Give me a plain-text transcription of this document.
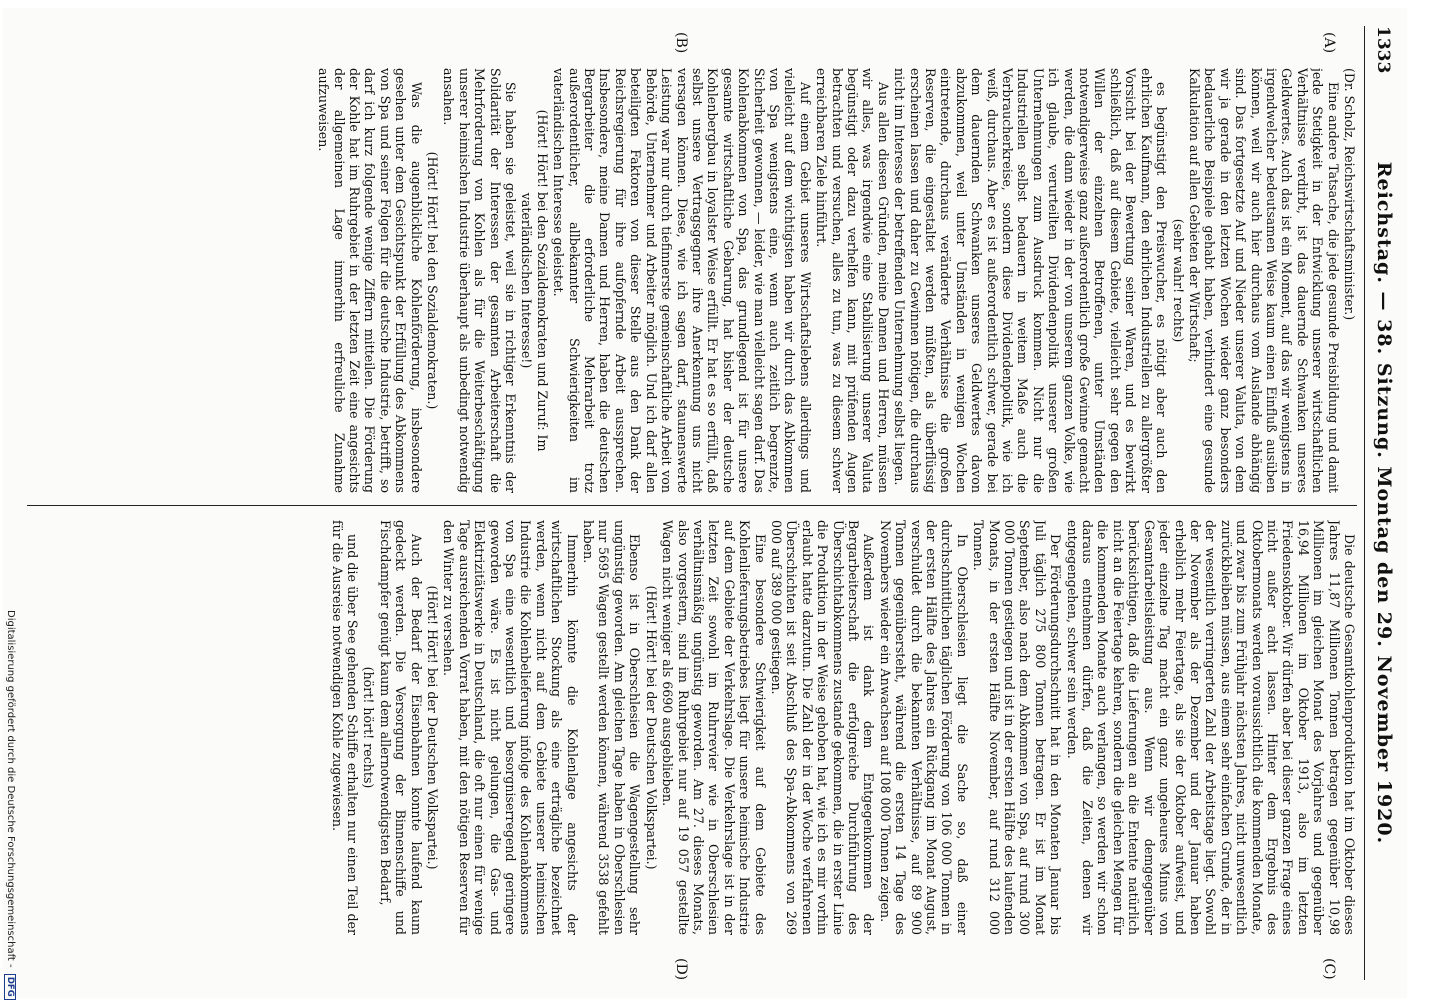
1333
Reichstag. — 38. Sitzung. Montag den 29. November 1920.
(A)
(B)
(C)
(D)

(Dr. Scholz, Reichswirtschaftsminister.)

Eine andere Tatsache, die jede gesunde Preisbildung und damit jede Stetigkeit in der Entwicklung unserer wirtschaftlichen Verhältnisse verdirbt, ist das dauernde Schwanken unseres Geldwertes. Auch das ist ein Moment, auf das wir wenigstens in irgendwelcher bedeutsamen Weise kaum einen Einfluß ausüben können, weil wir auch hier durchaus vom Auslande abhängig sind. Das fortgesetzte Auf und Nieder unserer Valuta, von dem wir ja gerade in den letzten Wochen wieder ganz besonders bedauerliche Beispiele gehabt haben, verhindert eine gesunde Kalkulation auf allen Gebieten der Wirtschaft;

(sehr wahr! rechts)

es begünstigt den Preiswucher, es nötigt aber auch den ehrlichen Kaufmann, den ehrlichen Industriellen zu allergrößter Vorsicht bei der Bewertung seiner Waren, und es bewirkt schließlich, daß auf diesem Gebiete, vielleicht sehr gegen den Willen der einzelnen Betroffenen, unter Umständen notwendigerweise ganz außerordentlich große Gewinne gemacht werden, die dann wieder in der von unserem ganzen Volke, wie ich glaube, verurteilten Dividendenpolitik unserer großen Unternehmungen zum Ausdruck kommen. Nicht nur die Industriellen selbst bedauern in weitem Maße auch die Verbraucherkreise, sondern diese Dividendenpolitik, wie ich weiß, durchaus. Aber es ist außerordentlich schwer, gerade bei dem dauernden Schwanken unseres Geldwertes davon abzukommen, weil unter Umständen in wenigen Wochen eintretende, durchaus veränderte Verhältnisse die großen Reserven, die eingestaltet werden müßten, als überflüssig erscheinen lassen und daher zu Gewinnen nötigen, die durchaus nicht im Interesse der betreffenden Unternehmung selbst liegen.

Aus allen diesen Gründen, meine Damen und Herren, müssen wir alles, was irgendwie eine Stabilisierung unserer Valuta begünstigt oder dazu verhelfen kann, mit prüfenden Augen betrachten und versuchen, alles zu tun, was zu diesem schwer erreichbaren Ziele hinführt.

Auf einem Gebiet unseres Wirtschaftslebens allerdings und vielleicht auf dem wichtigsten haben wir durch das Abkommen von Spa wenigstens eine, wenn auch zeitlich begrenzte, Sicherheit gewonnen, — leider, wie man vielleicht sagen darf. Das Kohlenabkommen von Spa, das grundlegend ist für unsere gesamte wirtschaftliche Gebarung, hat bisher der deutsche Kohlenbergbau in loyalster Weise erfüllt. Er hat es so erfüllt, daß selbst unsere Vertragsgegner ihre Anerkennung uns nicht versagen können. Diese, wie ich sagen darf, staunenswerte Leistung war nur durch tiefinnerste gemeinschaftliche Arbeit von Behörde, Unternehmer und Arbeiter möglich. Und ich darf allen beteiligten Faktoren von dieser Stelle aus den Dank der Reichsregierung für ihre aufopfernde Arbeit aussprechen. Insbesondere, meine Damen und Herren, haben die deutschen Bergarbeiter die erforderliche Mehrarbeit trotz außerordentlicher, allbekannter Schwierigkeiten im vaterländischen Interesse geleistet.

(Hört! Hört! bei den Sozialdemokraten und Zuruf: Im vaterländischen Interesse!)

Sie haben sie geleistet, weil sie in richtiger Erkenntnis der Solidarität der Interessen der gesamten Arbeiterschaft die Mehrforderung von Kohlen als für die Weiterbeschäftigung unserer heimischen Industrie überhaupt als unbedingt notwendig ansahen.

(Hört! Hört! bei den Sozialdemokraten.)

Was die augenblickliche Kohlenförderung, insbesondere gesehen unter dem Gesichtspunkt der Erfüllung des Abkommens von Spa und seiner Folgen für die deutsche Industrie, betrifft, so darf ich kurz folgende wenige Ziffern mitteilen. Die Förderung der Kohle hat im Ruhrgebiet in der letzten Zeit eine angesichts der allgemeinen Lage immerhin erfreuliche Zunahme aufzuweisen.

Die deutsche Gesamtkohlenproduktion hat im Oktober dieses Jahres 11,87 Millionen Tonnen betragen gegenüber 10,98 Millionen im gleichen Monat des Vorjahres und gegenüber 16,94 Millionen im Oktober 1913, also im letzten Friedensoktober. Wir dürfen aber bei dieser ganzen Frage eines nicht außer acht lassen. Hinter dem Ergebnis des Oktobermonats werden voraussichtlich die kommenden Monate, und zwar bis zum Frühjahr nächsten Jahres, nicht unwesentlich zurückbleiben müssen, aus einem sehr einfachen Grunde, der in der wesentlich verringerten Zahl der Arbeitstage liegt. Sowohl der November als der Dezember und der Januar haben erheblich mehr Feiertage, als sie der Oktober aufweist, und jeder einzelne Tag macht ein ganz ungeheures Minus von Gesamtarbeitsleistung aus. Wenn wir demgegenüber berücksichtigen, daß die Lieferungen an die Entente natürlich nicht an die Feiertage kehren, sondern die gleichen Mengen für die kommenden Monate auch verlangen, so werden wir schon daraus entnehmen dürfen, daß die Zeiten, denen wir entgegengehen, schwer sein werden.

Der Förderungsdurchschnitt hat in den Monaten Januar bis Juli täglich 275 800 Tonnen betragen. Er ist im Monat September, also nach dem Abkommen von Spa, auf rund 300 000 Tonnen gestiegen und ist in der ersten Hälfte des laufenden Monats, in der ersten Hälfte November, auf rund 312 000 Tonnen.

In Oberschlesien liegt die Sache so, daß einer durchschnittlichen täglichen Förderung von 106 000 Tonnen in der ersten Hälfte des Jahres ein Rückgang im Monat August, verschuldet durch die bekannten Verhältnisse, auf 89 900 Tonnen gegenübersteht, während die ersten 14 Tage des Novembers wieder ein Anwachsen auf 108 000 Tonnen zeigen.

Außerdem ist dank dem Entgegenkommen der Bergarbeiterschaft die erfolgreiche Durchführung des Überschichtabkommens zustande gekommen, die in erster Linie die Produktion in der Weise gehoben hat, wie ich es mir vorhin erlaubt hatte darzutun. Die Zahl der in der Woche verfahrenen Überschichten ist seit Abschluß des Spa-Abkommens von 269 000 auf 389 000 gestiegen.

Eine besondere Schwierigkeit auf dem Gebiete des Kohlenlieferungsbetriebes liegt für unsere heimische Industrie auf dem Gebiete der Verkehrslage. Die Verkehrslage ist in der letzten Zeit sowohl im Ruhrrevier wie in Oberschlesien verhältnismäßig ungünstig geworden. Am 27. dieses Monats, also vorgestern, sind im Ruhrgebiet nur auf 19 057 gestellte Wagen nicht weniger als 6690 ausgeblieben.

(Hört! Hört! bei der Deutschen Volkspartei.)

Ebenso ist in Oberschlesien die Wagengestellung sehr ungünstig geworden. Am gleichen Tage haben in Oberschlesien nur 5695 Wagen gestellt werden können, während 3538 gefehlt haben.

Immerhin könnte die Kohlenlage angesichts der wirtschaftlichen Stockung als eine erträgliche bezeichnet werden, wenn nicht auf dem Gebiete unserer heimischen Industrie die Kohlenbelieferung infolge des Kohlenabkommens von Spa eine wesentlich und besorgniserregend geringere geworden wäre. Es ist nicht gelungen, die Gas- und Elektrizitätswerke in Deutschland, die oft nur einen für wenige Tage ausreichenden Vorrat haben, mit den nötigen Reserven für den Winter zu versehen.

(Hört! Hört! bei der Deutschen Volkspartei.)

Auch der Bedarf der Eisenbahnen konnte laufend kaum gedeckt werden. Die Versorgung der Binnenschiffe und Fischdampfer genügt kaum dem allernotwendigsten Bedarf,

(hört! hört! rechts)

und die über See gehenden Schiffe erhalten nur einen Teil der für die Ausreise notwendigen Kohle zugewiesen.

Digitalisierung gefördert durch die Deutsche Forschungsgemeinschaft - DFG
